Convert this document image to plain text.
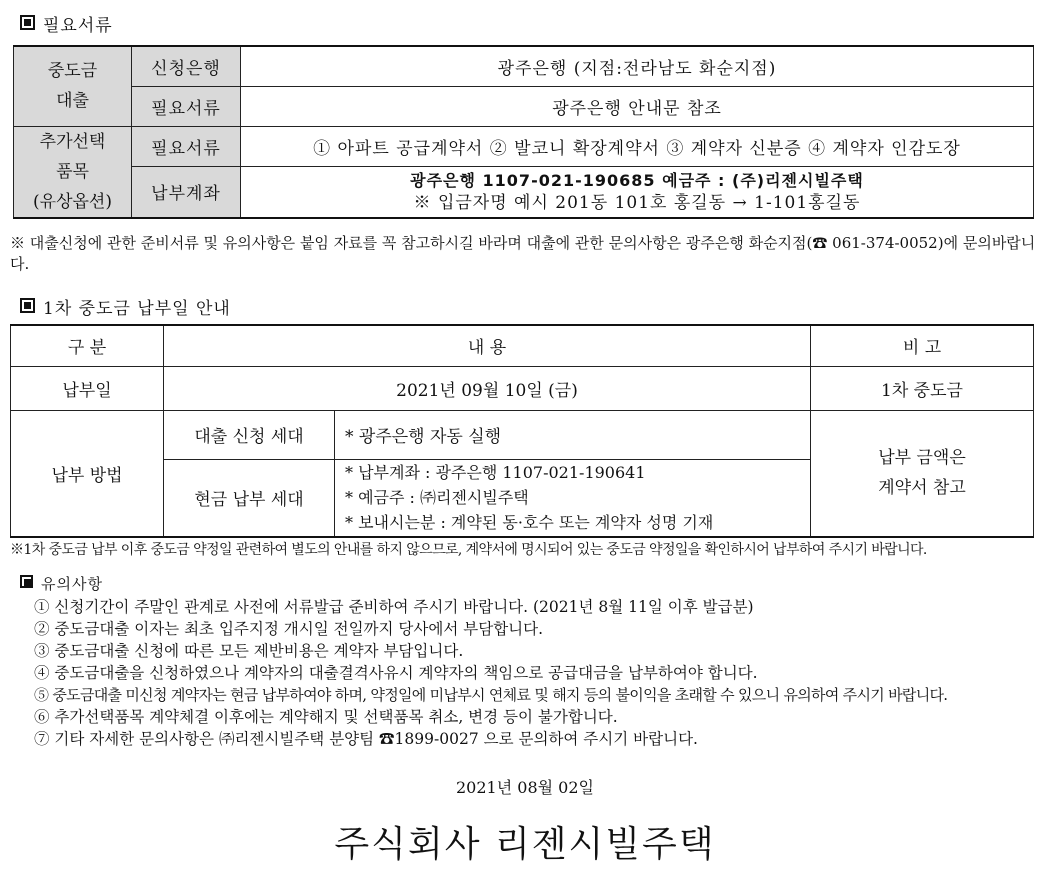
필요서류
중도금
대출	신청은행	광주은행 (지점:전라남도 화순지점)
	필요서류	광주은행 안내문 참조

추가선택
품목
(유상옵션)	필요서류	① 아파트 공급계약서 ② 발코니 확장계약서 ③ 계약자 신분증 ④ 계약자 인감도장
	납부계좌	광주은행 1107-021-190685 예금주 : (주)리젠시빌주택
※ 입금자명 예시 201동 101호 홍길동 → 1-101홍길동
※ 대출신청에 관한 준비서류 및 유의사항은 붙임 자료를 꼭 참고하시길 바라며 대출에 관한 문의사항은 광주은행 화순지점(☎ 061-374-0052)에 문의바랍니다.
1차 중도금 납부일 안내
구 분	내 용		비 고
납부일	2021년 09월 10일 (금)		1차 중도금
납부 방법	대출 신청 세대	* 광주은행 자동 실행	납부 금액은
계약서 참고

	현금 납부 세대	* 납부계좌 : 광주은행 1107-021-190641
* 예금주 : ㈜리젠시빌주택
* 보내시는분 : 계약된 동·호수 또는 계약자 성명 기재	
※1차 중도금 납부 이후 중도금 약정일 관련하여 별도의 안내를 하지 않으므로, 계약서에 명시되어 있는 중도금 약정일을 확인하시어 납부하여 주시기 바랍니다.
유의사항
① 신청기간이 주말인 관계로 사전에 서류발급 준비하여 주시기 바랍니다. (2021년 8월 11일 이후 발급분)
② 중도금대출 이자는 최초 입주지정 개시일 전일까지 당사에서 부담합니다.
③ 중도금대출 신청에 따른 모든 제반비용은 계약자 부담입니다.
④ 중도금대출을 신청하였으나 계약자의 대출결격사유시 계약자의 책임으로 공급대금을 납부하여야 합니다.
⑤ 중도금대출 미신청 계약자는 현금 납부하여야 하며, 약정일에 미납부시 연체료 및 해지 등의 불이익을 초래할 수 있으니 유의하여 주시기 바랍니다.
⑥ 추가선택품목 계약체결 이후에는 계약해지 및 선택품목 취소, 변경 등이 불가합니다.
⑦ 기타 자세한 문의사항은 ㈜리젠시빌주택 분양팀 ☎1899-0027 으로 문의하여 주시기 바랍니다.
2021년 08월 02일
주식회사 리젠시빌주택
